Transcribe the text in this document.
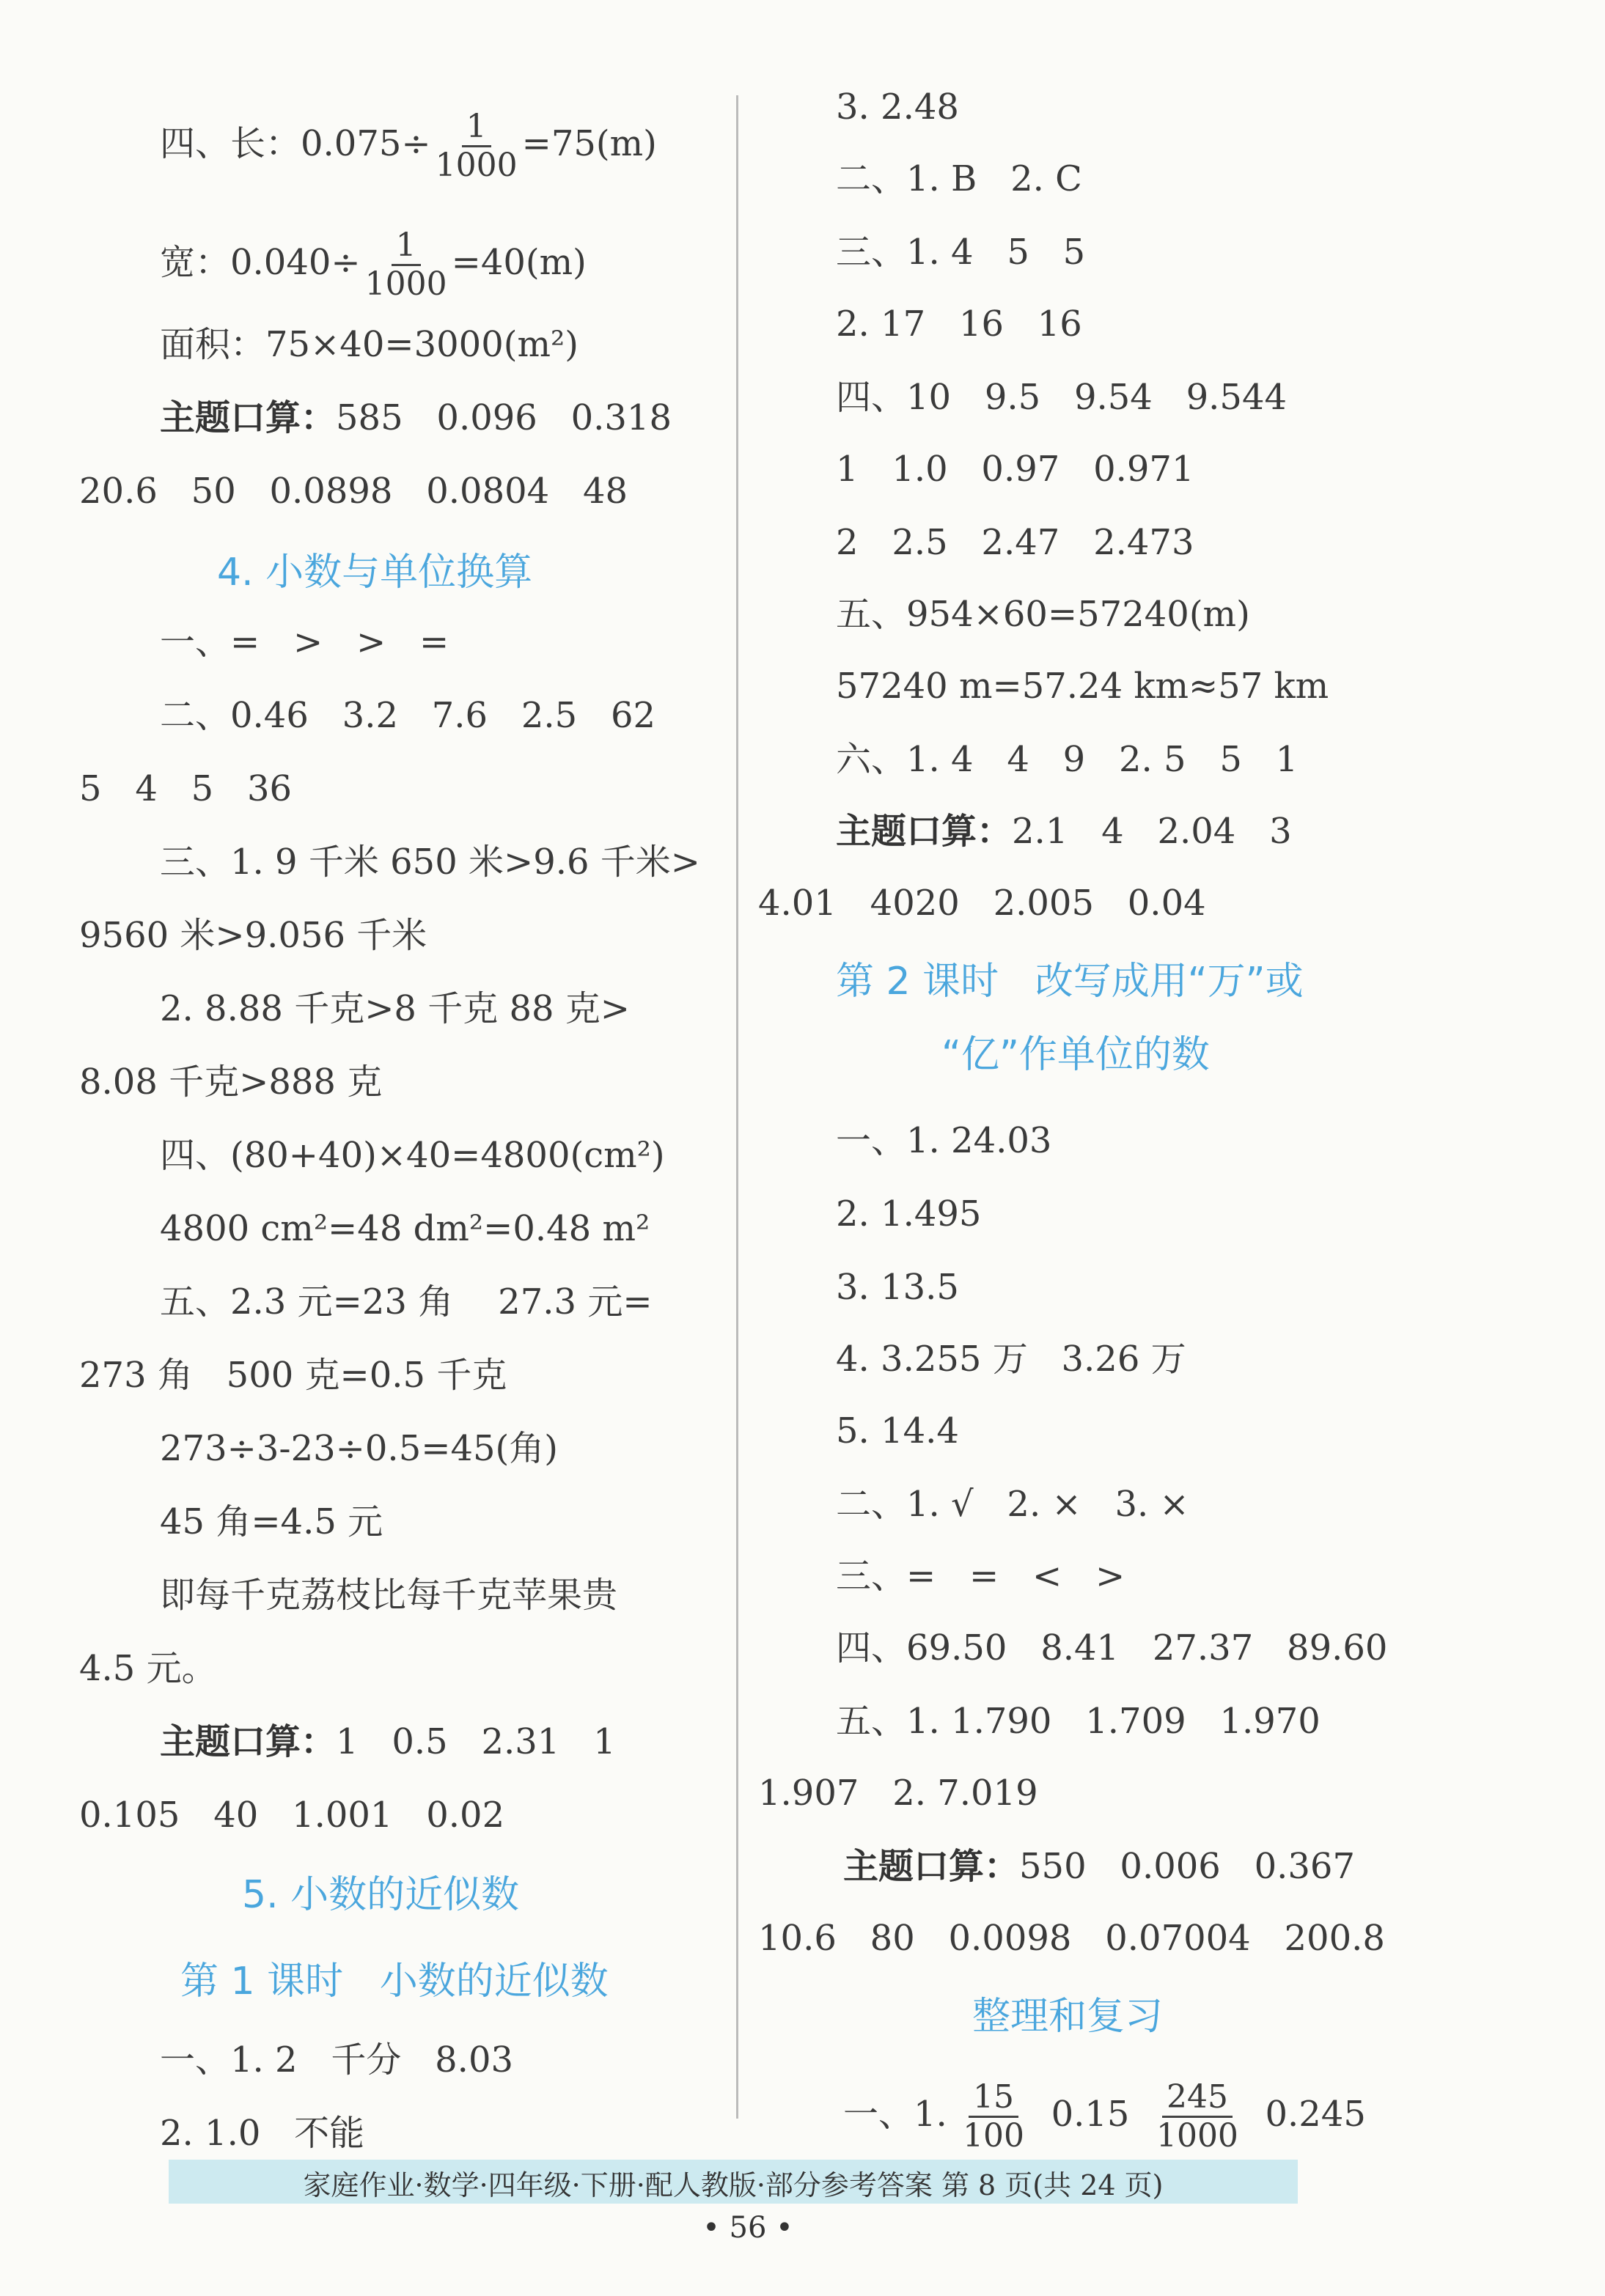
四、长：$0.075\div \frac{1}{1000} =75(m)$
宽：$0.040\div \frac{1}{1000} =40(m)$
面积：75×40=3000(m²)
主题口算：585   0.096   0.318
20.6   50   0.0898   0.0804   48
4. 小数与单位换算
一、=   >   >   =
二、0.46   3.2   7.6   2.5   62
5   4   5   36
三、1. 9 千米 650 米>9.6 千米>
9560 米>9.056 千米
2. 8.88 千克>8 千克 88 克>
8.08 千克>888 克
四、(80+40)×40=4800(cm²)
4800 cm²=48 dm²=0.48 m²
五、2.3 元=23 角    27.3 元=
273 角   500 克=0.5 千克
273÷3-23÷0.5=45(角)
45 角=4.5 元
即每千克荔枝比每千克苹果贵
4.5 元。
主题口算：1   0.5   2.31   1
0.105   40   1.001   0.02
5. 小数的近似数
第 1 课时   小数的近似数
一、1. 2   千分   8.03
2. 1.0   不能
3. 2.48
二、1. B   2. C
三、1. 4   5   5
2. 17   16   16
四、10   9.5   9.54   9.544
1   1.0   0.97   0.971
2   2.5   2.47   2.473
五、954×60=57240(m)
57240 m=57.24 km≈57 km
六、1. 4   4   9   2. 5   5   1
主题口算：2.1   4   2.04   3
4.01   4020   2.005   0.04
第 2 课时   改写成用“万”或
“亿”作单位的数
一、1. 24.03
2. 1.495
3. 13.5
4. 3.255 万   3.26 万
5. 14.4
二、1. √   2. ×   3. ×
三、=   =   <   >
四、69.50   8.41   27.37   89.60
五、1. 1.790   1.709   1.970
1.907   2. 7.019
主题口算：550   0.006   0.367
10.6   80   0.0098   0.07004   200.8
整理和复习
一、1. $\frac{15}{100} 0.15 \frac{245}{1000} 0.245$
家庭作业·数学·四年级·下册·配人教版·部分参考答案 第 8 页(共 24 页)
• 56 •
